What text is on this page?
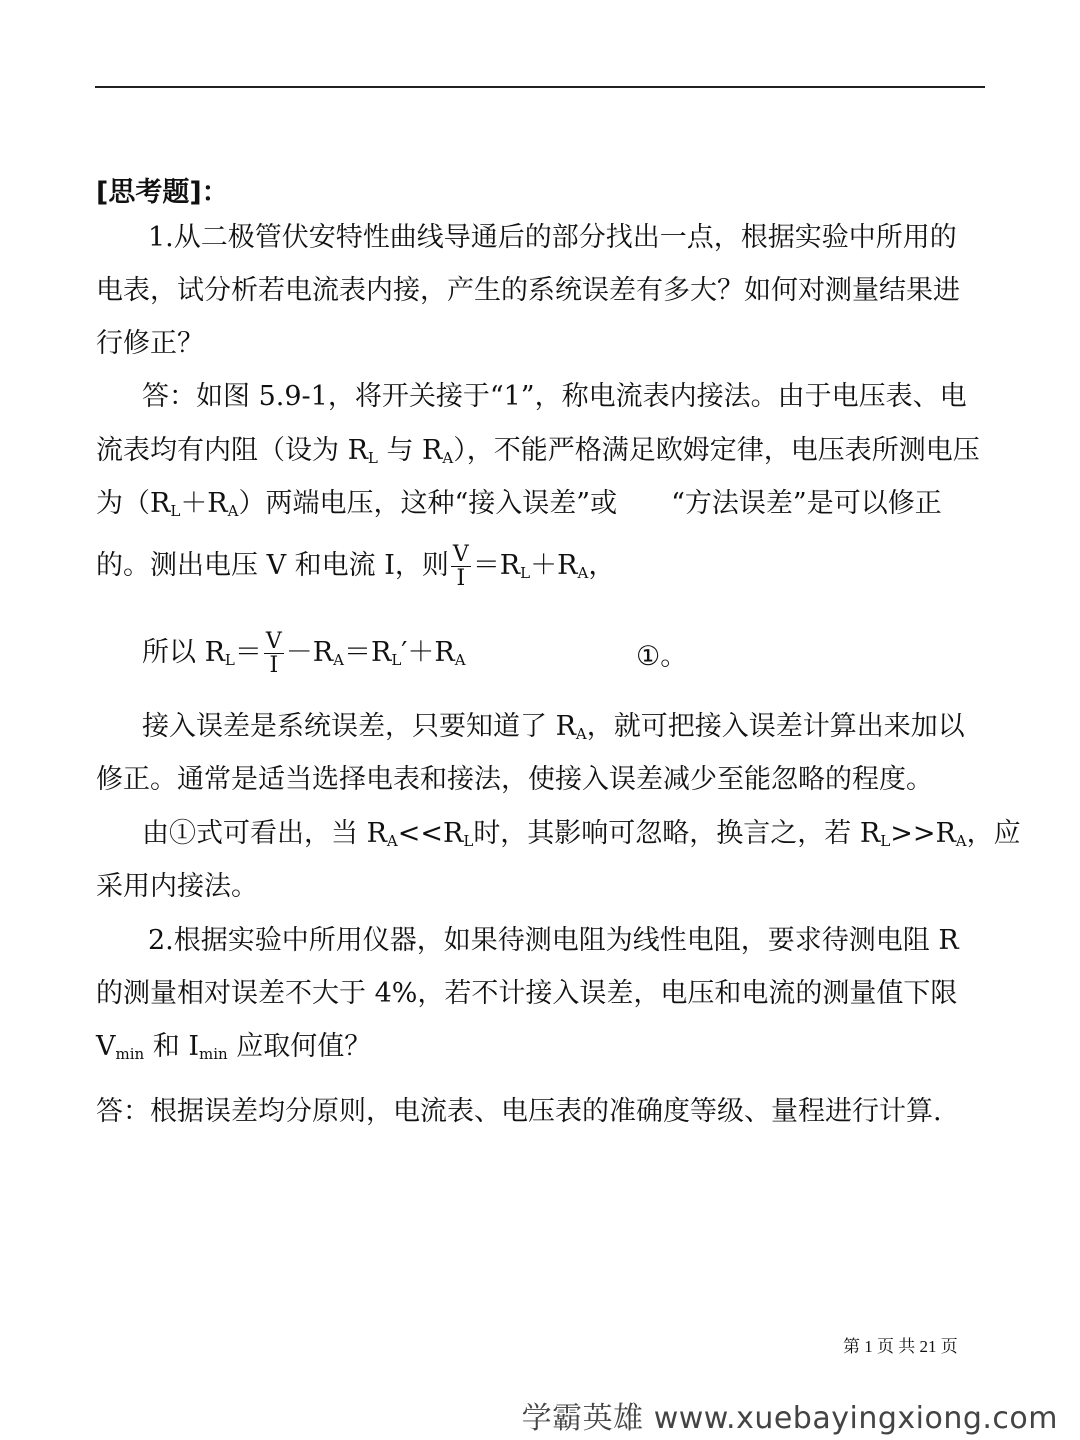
[思考题]：
1.从二极管伏安特性曲线导通后的部分找出一点，根据实验中所用的
电表，试分析若电流表内接，产生的系统误差有多大？如何对测量结果进
行修正？
答：如图 5.9-1，将开关接于“1”，称电流表内接法。由于电压表、电
流表均有内阻（设为 $R_L$ 与 $R_A$），不能严格满足欧姆定律，电压表所测电压
为$(R_L+R_A)$两端电压，这种“接入误差”或　　“方法误差”是可以修正
的。测出电压 V 和电流 I，则 $\frac{V}{I} =R_L+R_A$，
所以 $R_L= \frac{V}{I} -R_A=R_L'+R_A$	①。
接入误差是系统误差，只要知道了 $R_A$，就可把接入误差计算出来加以
修正。通常是适当选择电表和接法，使接入误差减少至能忽略的程度。
由①式可看出，当 $R_A<<R_L$时，其影响可忽略，换言之，若 $R_L>>R_A$，应
采用内接法。
2.根据实验中所用仪器，如果待测电阻为线性电阻，要求待测电阻 R
的测量相对误差不大于 4%，若不计接入误差，电压和电流的测量值下限
$V_{min}$ 和 $I_{min}$ 应取何值？
答：根据误差均分原则，电流表、电压表的准确度等级、量程进行计算.
第 1 页 共 21 页
学霸英雄 www.xuebayingxiong.com
